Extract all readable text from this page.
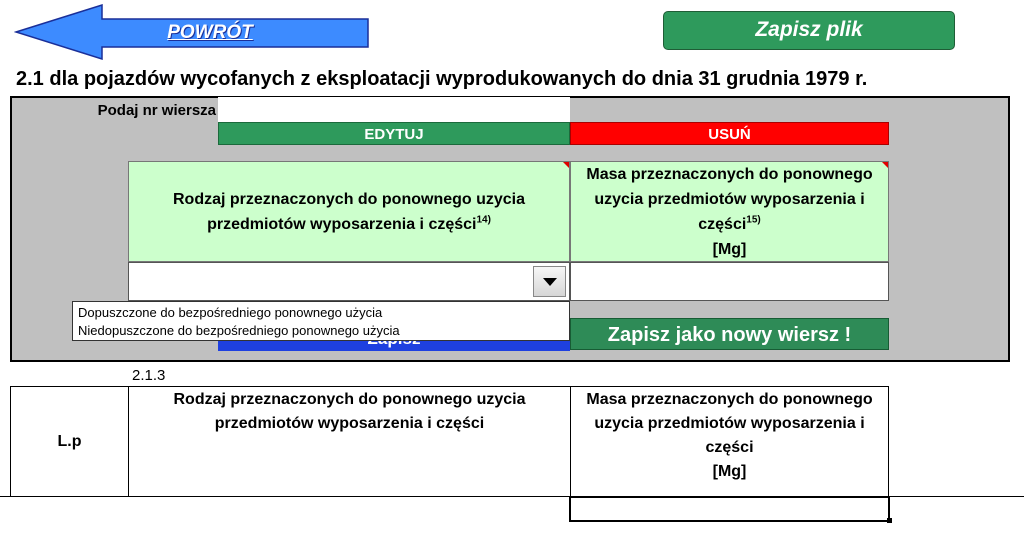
POWRÓT	Zapisz plik
2.1 dla pojazdów wycofanych z eksploatacji wyprodukowanych do dnia 31 grudnia 1979 r.
Podaj nr wiersza
EDYTUJ	USUŃ
Rodzaj przeznaczonych do ponownego uzycia przedmiotów wyposarzenia i części$^{14)}$
Masa przeznaczonych do ponownego uzycia przedmiotów wyposarzenia i części$^{15)}$
[Mg]
Zapisz jako nowy wiersz !
Dopuszczone do bezpośredniego ponownego użycia
Niedopuszczone do bezpośredniego ponownego użycia
2.1.3
L.p
Rodzaj przeznaczonych do ponownego uzycia przedmiotów wyposarzenia i części
Masa przeznaczonych do ponownego uzycia przedmiotów wyposarzenia i części
[Mg]
